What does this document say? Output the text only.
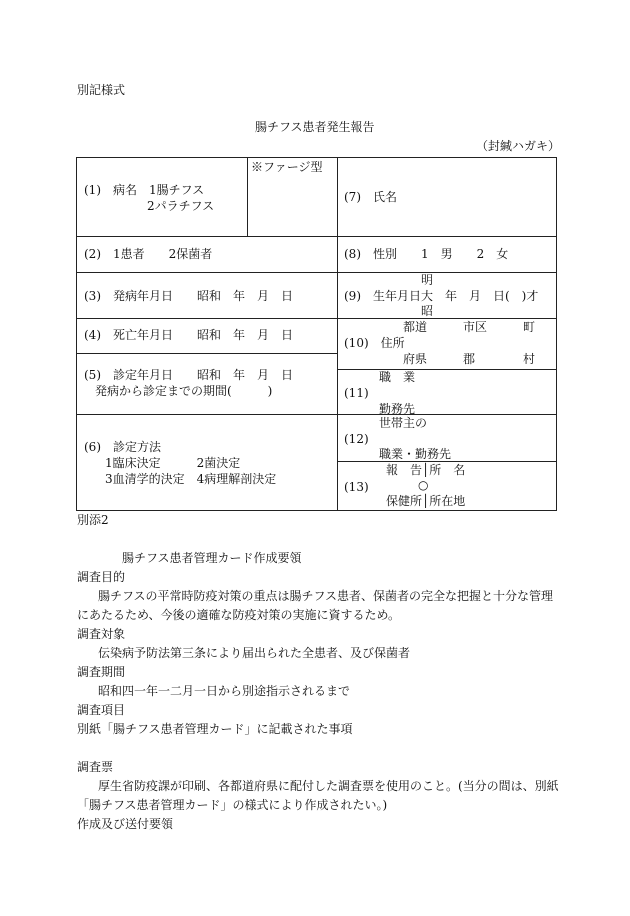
別記様式
腸チフス患者発生報告
（封緘ハガキ）
(1)　病名　1腸チフス
2パラチフス
※ファージ型
(7)　氏名
(2)　1患者　　2保菌者	(8)　性別　　1　男　　2　女
(3)　発病年月日　　昭和　年　月　日
明
(9)　生年月日大　年　月　日(　)才
昭
(4)　死亡年月日　　昭和　年　月　日
都道　　　市区　　　町
(10)　住所
府県　　　郡　　　　村
(5)　診定年月日　　昭和　年　月　日
発病から診定までの期間(　　　)
職　業
(11)
勤務先
(6)　診定方法
1臨床決定　　　2菌決定
3血清学的決定　4病理解剖決定
世帯主の
(12)
職業・勤務先
報　告│所　名
(13)	○
保健所│所在地
別添2
腸チフス患者管理カード作成要領
調査目的
腸チフスの平常時防疫対策の重点は腸チフス患者、保菌者の完全な把握と十分な管理
にあたるため、今後の適確な防疫対策の実施に資するため。
調査対象
伝染病予防法第三条により届出られた全患者、及び保菌者
調査期間
昭和四一年一二月一日から別途指示されるまで
調査項目
別紙「腸チフス患者管理カード」に記載された事項
調査票
厚生省防疫課が印刷、各都道府県に配付した調査票を使用のこと。(当分の間は、別紙
「腸チフス患者管理カード」の様式により作成されたい。)
作成及び送付要領
